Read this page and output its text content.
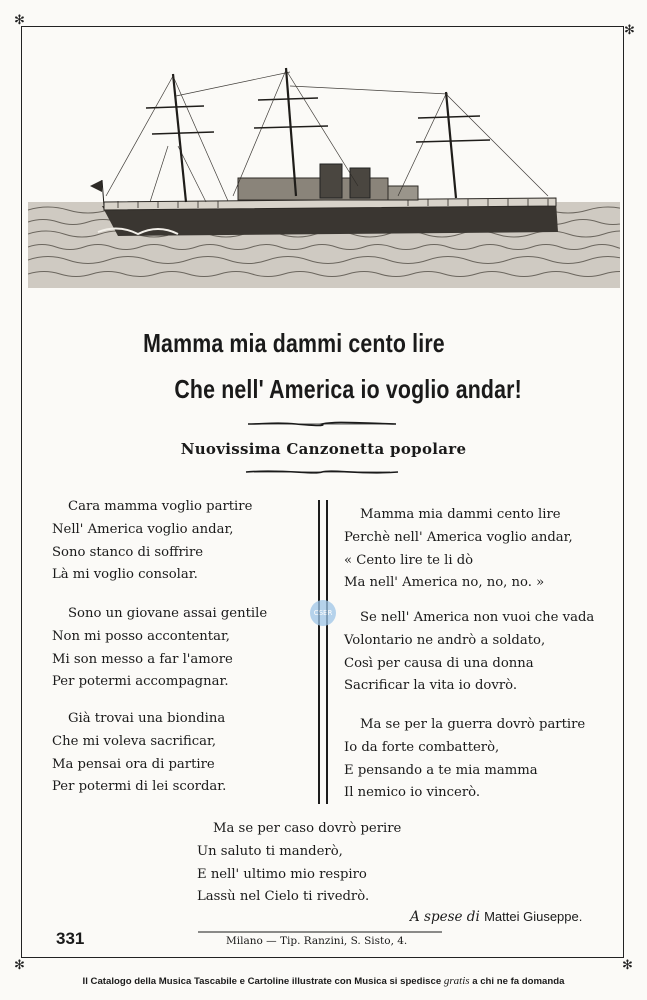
✻
✻
✻	✻
Mamma mia dammi cento lire
Che nell' America io voglio andar!
Nuovissima Canzonetta popolare
Cara mamma voglio partire
Nell' America voglio andar,
Sono stanco di soffrire
Là mi voglio consolar.
Sono un giovane assai gentile
Non mi posso accontentar,
Mi son messo a far l'amore
Per potermi accompagnar.
Già trovai una biondina
Che mi voleva sacrificar,
Ma pensai ora di partire
Per potermi di lei scordar.
Mamma mia dammi cento lire
Perchè nell' America voglio andar,
« Cento lire te li dò
Ma nell' America no, no, no. »
Se nell' America non vuoi che vada
Volontario ne andrò a soldato,
Così per causa di una donna
Sacrificar la vita io dovrò.
Ma se per la guerra dovrò partire
Io da forte combatterò,
E pensando a te mia mamma
Il nemico io vincerò.
CSER
Ma se per caso dovrò perire
Un saluto ti manderò,
E nell' ultimo mio respiro
Lassù nel Cielo ti rivedrò.
A spese di Mattei Giuseppe.
331	Milano — Tip. Ranzini, S. Sisto, 4.
Il Catalogo della Musica Tascabile e Cartoline illustrate con Musica si spedisce gratis a chi ne fa domanda
